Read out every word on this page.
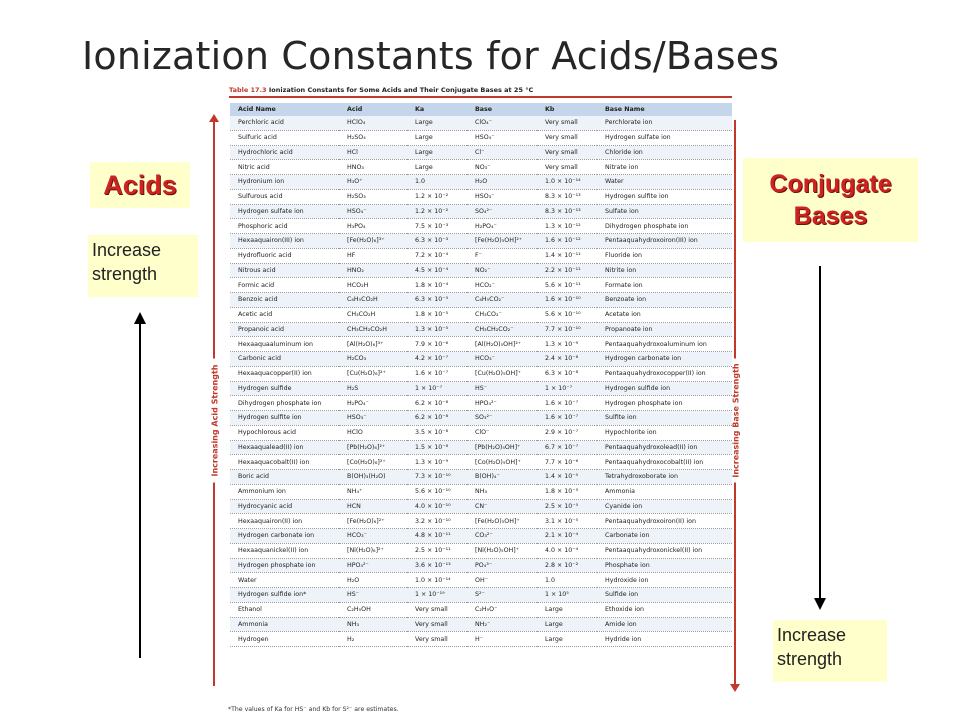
Ionization Constants for Acids/Bases
Table 17.3 Ionization Constants for Some Acids and Their Conjugate Bases at 25 °C
Increasing Acid Strength	Increasing Base Strength
Acid Name	Acid	Ka	Base	Kb	Base Name
Perchloric acid	HClO₄	Large	ClO₄⁻	Very small	Perchlorate ion
Sulfuric acid	H₂SO₄	Large	HSO₄⁻	Very small	Hydrogen sulfate ion
Hydrochloric acid	HCl	Large	Cl⁻	Very small	Chloride ion
Nitric acid	HNO₃	Large	NO₃⁻	Very small	Nitrate ion
Hydronium ion	H₃O⁺	1.0	H₂O	1.0 × 10⁻¹⁴	Water
Sulfurous acid	H₂SO₃	1.2 × 10⁻²	HSO₃⁻	8.3 × 10⁻¹³	Hydrogen sulfite ion
Hydrogen sulfate ion	HSO₄⁻	1.2 × 10⁻²	SO₄²⁻	8.3 × 10⁻¹³	Sulfate ion
Phosphoric acid	H₃PO₄	7.5 × 10⁻³	H₂PO₄⁻	1.3 × 10⁻¹²	Dihydrogen phosphate ion
Hexaaquairon(III) ion	[Fe(H₂O)₆]³⁺	6.3 × 10⁻³	[Fe(H₂O)₅OH]²⁺	1.6 × 10⁻¹²	Pentaaquahydroxoiron(III) ion
Hydrofluoric acid	HF	7.2 × 10⁻⁴	F⁻	1.4 × 10⁻¹¹	Fluoride ion
Nitrous acid	HNO₂	4.5 × 10⁻⁴	NO₂⁻	2.2 × 10⁻¹¹	Nitrite ion
Formic acid	HCO₂H	1.8 × 10⁻⁴	HCO₂⁻	5.6 × 10⁻¹¹	Formate ion
Benzoic acid	C₆H₅CO₂H	6.3 × 10⁻⁵	C₆H₅CO₂⁻	1.6 × 10⁻¹⁰	Benzoate ion
Acetic acid	CH₃CO₂H	1.8 × 10⁻⁵	CH₃CO₂⁻	5.6 × 10⁻¹⁰	Acetate ion
Propanoic acid	CH₃CH₂CO₂H	1.3 × 10⁻⁵	CH₃CH₂CO₂⁻	7.7 × 10⁻¹⁰	Propanoate ion
Hexaaquaaluminum ion	[Al(H₂O)₆]³⁺	7.9 × 10⁻⁶	[Al(H₂O)₅OH]²⁺	1.3 × 10⁻⁹	Pentaaquahydroxoaluminum ion
Carbonic acid	H₂CO₃	4.2 × 10⁻⁷	HCO₃⁻	2.4 × 10⁻⁸	Hydrogen carbonate ion
Hexaaquacopper(II) ion	[Cu(H₂O)₆]²⁺	1.6 × 10⁻⁷	[Cu(H₂O)₅OH]⁺	6.3 × 10⁻⁸	Pentaaquahydroxocopper(II) ion
Hydrogen sulfide	H₂S	1 × 10⁻⁷	HS⁻	1 × 10⁻⁷	Hydrogen sulfide ion
Dihydrogen phosphate ion	H₂PO₄⁻	6.2 × 10⁻⁸	HPO₄²⁻	1.6 × 10⁻⁷	Hydrogen phosphate ion
Hydrogen sulfite ion	HSO₃⁻	6.2 × 10⁻⁸	SO₃²⁻	1.6 × 10⁻⁷	Sulfite ion
Hypochlorous acid	HClO	3.5 × 10⁻⁸	ClO⁻	2.9 × 10⁻⁷	Hypochlorite ion
Hexaaqualead(II) ion	[Pb(H₂O)₆]²⁺	1.5 × 10⁻⁸	[Pb(H₂O)₅OH]⁺	6.7 × 10⁻⁷	Pentaaquahydroxolead(II) ion
Hexaaquacobalt(II) ion	[Co(H₂O)₆]²⁺	1.3 × 10⁻⁹	[Co(H₂O)₅OH]⁺	7.7 × 10⁻⁶	Pentaaquahydroxocobalt(II) ion
Boric acid	B(OH)₃(H₂O)	7.3 × 10⁻¹⁰	B(OH)₄⁻	1.4 × 10⁻⁵	Tetrahydroxoborate ion
Ammonium ion	NH₄⁺	5.6 × 10⁻¹⁰	NH₃	1.8 × 10⁻⁵	Ammonia
Hydrocyanic acid	HCN	4.0 × 10⁻¹⁰	CN⁻	2.5 × 10⁻⁵	Cyanide ion
Hexaaquairon(II) ion	[Fe(H₂O)₆]²⁺	3.2 × 10⁻¹⁰	[Fe(H₂O)₅OH]⁺	3.1 × 10⁻⁵	Pentaaquahydroxoiron(II) ion
Hydrogen carbonate ion	HCO₃⁻	4.8 × 10⁻¹¹	CO₃²⁻	2.1 × 10⁻⁴	Carbonate ion
Hexaaquanickel(II) ion	[Ni(H₂O)₆]²⁺	2.5 × 10⁻¹¹	[Ni(H₂O)₅OH]⁺	4.0 × 10⁻⁴	Pentaaquahydroxonickel(II) ion
Hydrogen phosphate ion	HPO₄²⁻	3.6 × 10⁻¹³	PO₄³⁻	2.8 × 10⁻²	Phosphate ion
Water	H₂O	1.0 × 10⁻¹⁴	OH⁻	1.0	Hydroxide ion
Hydrogen sulfide ion*	HS⁻	1 × 10⁻¹⁹	S²⁻	1 × 10⁵	Sulfide ion
Ethanol	C₂H₅OH	Very small	C₂H₅O⁻	Large	Ethoxide ion
Ammonia	NH₃	Very small	NH₂⁻	Large	Amide ion
Hydrogen	H₂	Very small	H⁻	Large	Hydride ion
*The values of Ka for HS⁻ and Kb for S²⁻ are estimates.
Acids	Conjugate
Bases
Increase
strength
Increase
strength
